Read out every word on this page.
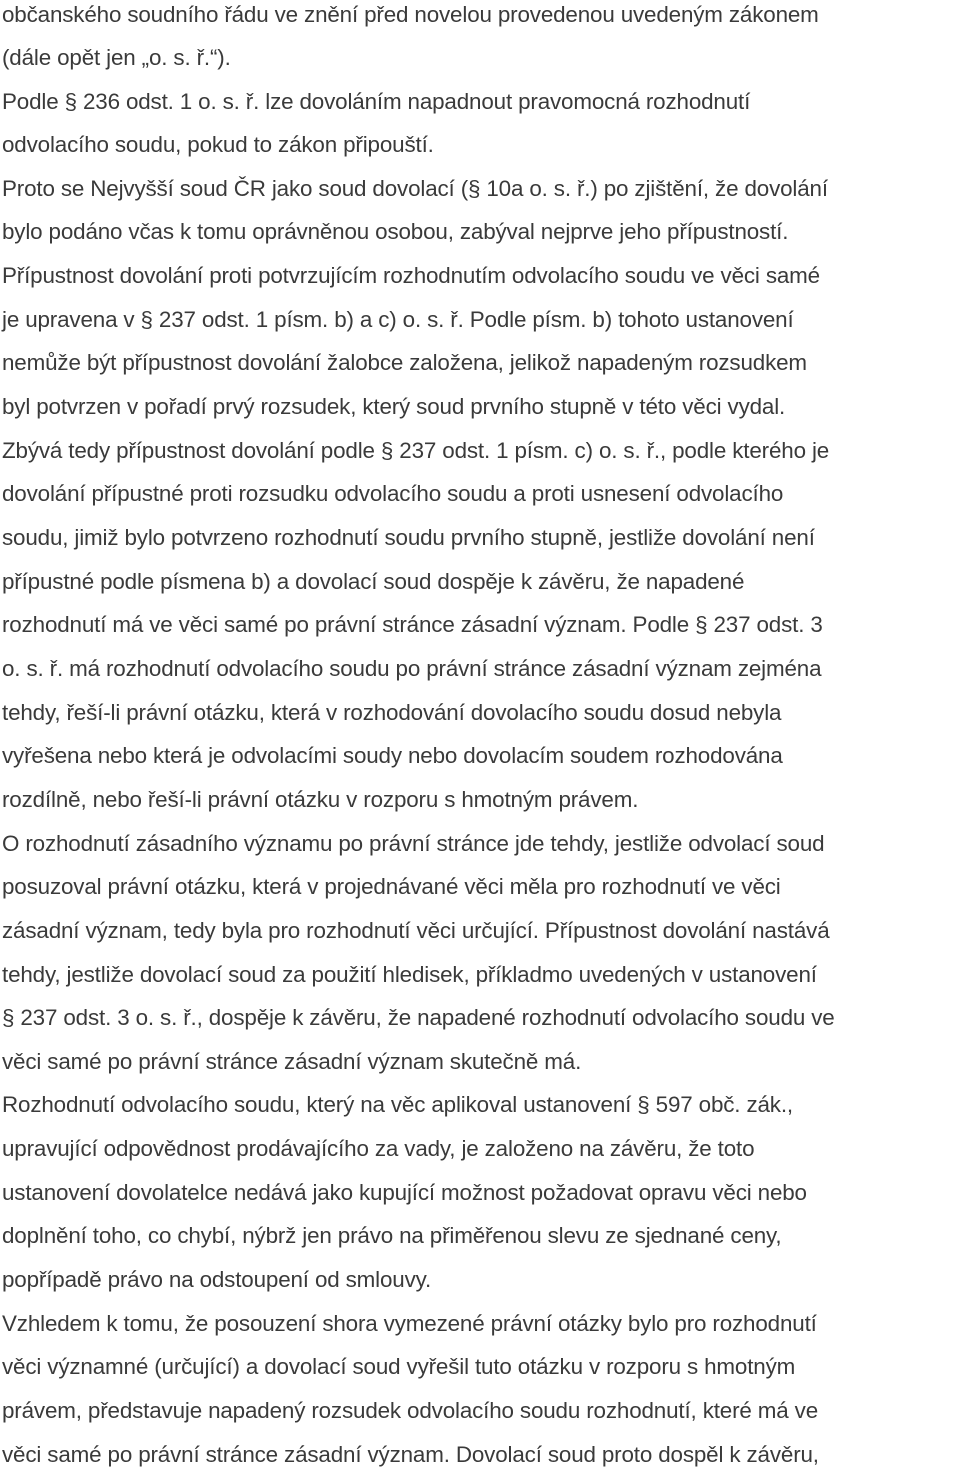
občanského soudního řádu ve znění před novelou provedenou uvedeným zákonem

(dále opět jen „o. s. ř.“).

Podle § 236 odst. 1 o. s. ř. lze dovoláním napadnout pravomocná rozhodnutí

odvolacího soudu, pokud to zákon připouští.

Proto se Nejvyšší soud ČR jako soud dovolací (§ 10a o. s. ř.) po zjištění, že dovolání

bylo podáno včas k tomu oprávněnou osobou, zabýval nejprve jeho přípustností.

Přípustnost dovolání proti potvrzujícím rozhodnutím odvolacího soudu ve věci samé

je upravena v § 237 odst. 1 písm. b) a c) o. s. ř. Podle písm. b) tohoto ustanovení

nemůže být přípustnost dovolání žalobce založena, jelikož napadeným rozsudkem

byl potvrzen v pořadí prvý rozsudek, který soud prvního stupně v této věci vydal.

Zbývá tedy přípustnost dovolání podle § 237 odst. 1 písm. c) o. s. ř., podle kterého je

dovolání přípustné proti rozsudku odvolacího soudu a proti usnesení odvolacího

soudu, jimiž bylo potvrzeno rozhodnutí soudu prvního stupně, jestliže dovolání není

přípustné podle písmena b) a dovolací soud dospěje k závěru, že napadené

rozhodnutí má ve věci samé po právní stránce zásadní význam. Podle § 237 odst. 3

o. s. ř. má rozhodnutí odvolacího soudu po právní stránce zásadní význam zejména

tehdy, řeší-li právní otázku, která v rozhodování dovolacího soudu dosud nebyla

vyřešena nebo která je odvolacími soudy nebo dovolacím soudem rozhodována

rozdílně, nebo řeší-li právní otázku v rozporu s hmotným právem.

O rozhodnutí zásadního významu po právní stránce jde tehdy, jestliže odvolací soud

posuzoval právní otázku, která v projednávané věci měla pro rozhodnutí ve věci

zásadní význam, tedy byla pro rozhodnutí věci určující. Přípustnost dovolání nastává

tehdy, jestliže dovolací soud za použití hledisek, příkladmo uvedených v ustanovení

§ 237 odst. 3 o. s. ř., dospěje k závěru, že napadené rozhodnutí odvolacího soudu ve

věci samé po právní stránce zásadní význam skutečně má.

Rozhodnutí odvolacího soudu, který na věc aplikoval ustanovení § 597 obč. zák.,

upravující odpovědnost prodávajícího za vady, je založeno na závěru, že toto

ustanovení dovolatelce nedává jako kupující možnost požadovat opravu věci nebo

doplnění toho, co chybí, nýbrž jen právo na přiměřenou slevu ze sjednané ceny,

popřípadě právo na odstoupení od smlouvy.

Vzhledem k tomu, že posouzení shora vymezené právní otázky bylo pro rozhodnutí

věci významné (určující) a dovolací soud vyřešil tuto otázku v rozporu s hmotným

právem, představuje napadený rozsudek odvolacího soudu rozhodnutí, které má ve

věci samé po právní stránce zásadní význam. Dovolací soud proto dospěl k závěru,
